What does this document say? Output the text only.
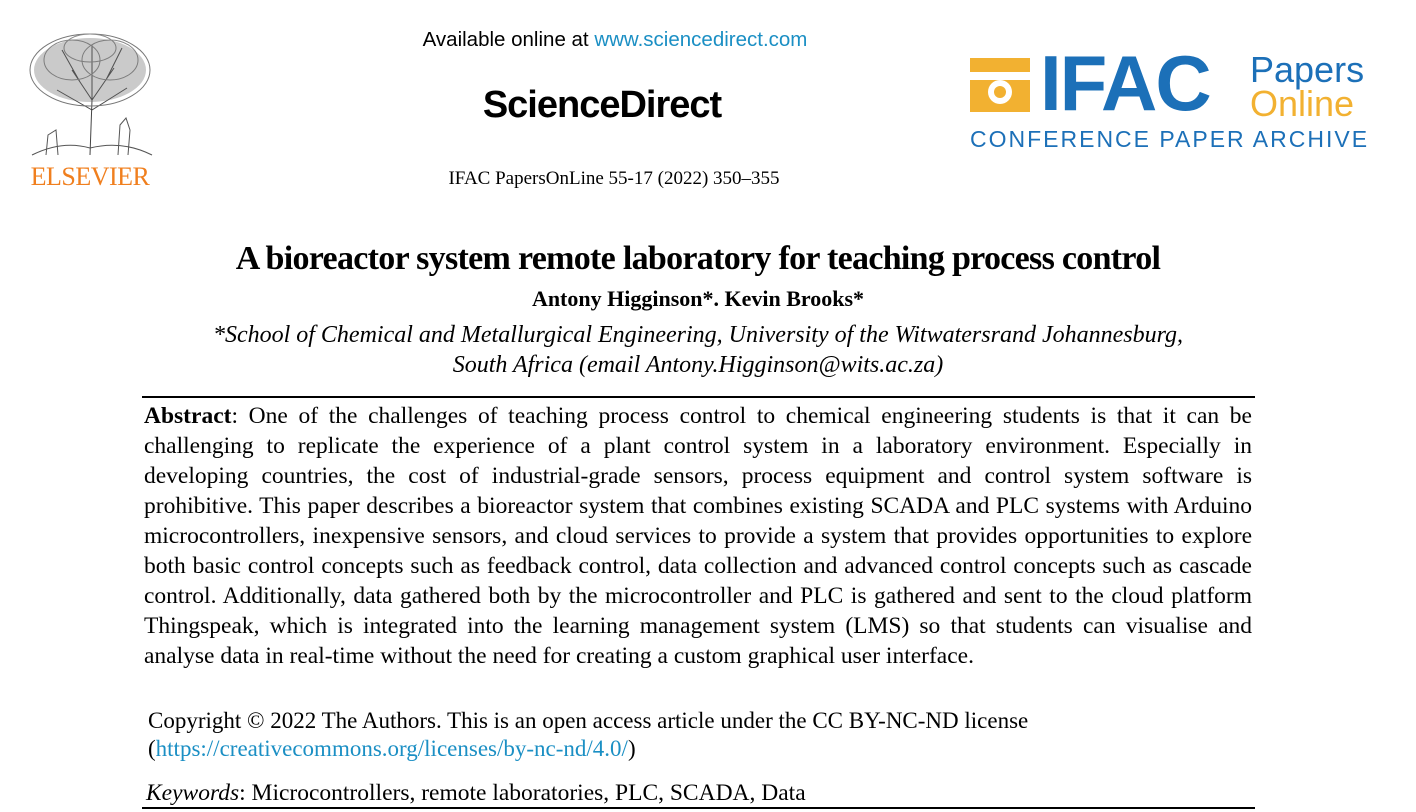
ELSEVIER
Available online at www.sciencedirect.com
ScienceDirect
IFAC PapersOnLine 55-17 (2022) 350–355
IFAC Papers
Online
CONFERENCE PAPER ARCHIVE
A bioreactor system remote laboratory for teaching process control
Antony Higginson*. Kevin Brooks*
*School of Chemical and Metallurgical Engineering, University of the Witwatersrand Johannesburg,
South Africa (email Antony.Higginson@wits.ac.za)
Abstract: One of the challenges of teaching process control to chemical engineering students is that it can be challenging to replicate the experience of a plant control system in a laboratory environment. Especially in developing countries, the cost of industrial-grade sensors, process equipment and control system software is prohibitive. This paper describes a bioreactor system that combines existing SCADA and PLC systems with Arduino microcontrollers, inexpensive sensors, and cloud services to provide a system that provides opportunities to explore both basic control concepts such as feedback control, data collection and advanced control concepts such as cascade control. Additionally, data gathered both by the microcontroller and PLC is gathered and sent to the cloud platform Thingspeak, which is integrated into the learning management system (LMS) so that students can visualise and analyse data in real-time without the need for creating a custom graphical user interface.
Copyright © 2022 The Authors. This is an open access article under the CC BY-NC-ND license
(https://creativecommons.org/licenses/by-nc-nd/4.0/)
Keywords: Microcontrollers, remote laboratories, PLC, SCADA, Data
